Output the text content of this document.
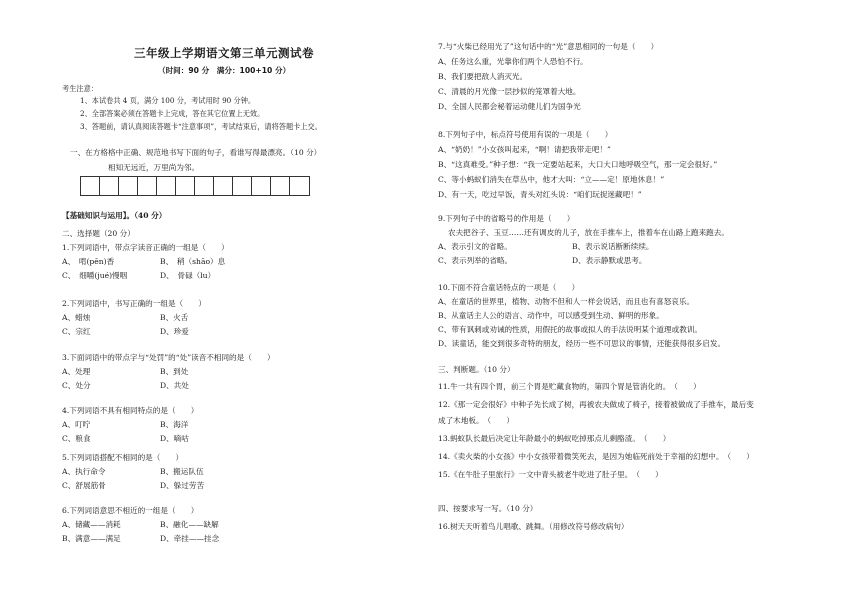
三年级上学期语文第三单元测试卷
（时间：90 分　满分：100+10 分）
考生注意：
1、本试卷共 4 页，满分 100 分，考试用时 90 分钟。
2、全部答案必须在答题卡上完成，答在其它位置上无效。
3、答题前，请认真阅读答题卡“注意事项”，考试结束后，请将答题卡上交。
一、在方格格中正确、规范地书写下面的句子，看谁写得最漂亮。（10 分）
相知无远近，万里尚为邻。
【基础知识与运用】。（40 分）
二、选择题（20 分）
1.下列词语中，带点字读音正确的一组是（　　）
A、　啃(pēn)香	B、　稍（shāo）息
C、　细嚼(jué)慢咽	D、　骨碌（lu）
2.下列词语中，书写正确的一组是（　　）
A、蜡烛	B、火舌
C、宗红	D、珍爱
3.下面词语中的带点字与“处罚”的“处”读音不相同的是（　　）
A、处理	B、到处
C、处分	D、共处
4.下列词语不具有相同特点的是（　　）
A、叮咛	B、海洋
C、粮食	D、嘀咕
5.下列词语搭配不相同的是（　　）
A、执行命令	B、搬运队伍
C、舒展筋骨	D、躲过劳苦
6.下列词语意思不相近的一组是（　　）
A、储藏——消耗	B、融化——缺解
B、满意——满足	D、牵挂——挂念
7.与“火柴已经用光了”这句话中的“光”意思相同的一句是（　　）
A、任务这么重，光靠你们两个人恐怕不行。
B、我们要把敌人消灭光。
C、清晨的月光像一层抄似的笼罩着大地。
D、全国人民都会秘着运动健儿们为国争光
8.下列句子中，标点符号使用有误的一项是（　　）
A、“奶奶！”小女孩叫起来，“啊！请把我带走吧！”
B、“这真难受。”种子想：“我一定要站起来，大口大口地呼吸空气，那一定会很好。”
C、等小蚂蚁们消失在草丛中，他才大叫：“立——定！原地休息！”
D、有一天，吃过早饭，青头对红头说：“咱们玩捉迷藏吧！”
9.下列句子中的省略号的作用是（　　）
农夫把谷子、玉豆……还有调皮的儿子，放在手推车上，推着车在山路上跑来跑去。
A、表示引文的省略。	B、表示说话断断续续。
C、表示列举的省略。	D、表示静默或思考。
10.下面不符合童话特点的一项是（　　）
A、在童话的世界里，植物、动物不但和人一样会说话，而且也有喜怒哀乐。
B、从童话主人公的语言、动作中，可以感受到生动、鲜明的形象。
C、带有讽刺或劝诫的性质，用假托的故事或拟人的手法说明某个道理或教训。
D、读童话，能交到很多奇特的朋友，经历一些不可思议的事情，还能获得很多启发。
三、判断题。（10 分）
11.牛一共有四个胃，前三个胃是贮藏食物的，第四个胃是管消化的。　（　　）
12.《那一定会很好》中种子先长成了树，再被农夫做成了椅子，接着被做成了手推车，最后变
成了木地板。　（　　）
13.蚂蚁队长最后决定让年龄最小的蚂蚁吃掉那点儿剩酪渣。　（　　）
14.《卖火柴的小女孩》中小女孩带着微笑死去，是因为她临死前处于幸福的幻想中。　（　　）
15.《在牛肚子里旅行》一文中青头被老牛吃进了肚子里。　（　　）
四、按要求写一写。（10 分）
16.树天天听着鸟儿唱歌、跳舞。（用修改符号修改病句）
